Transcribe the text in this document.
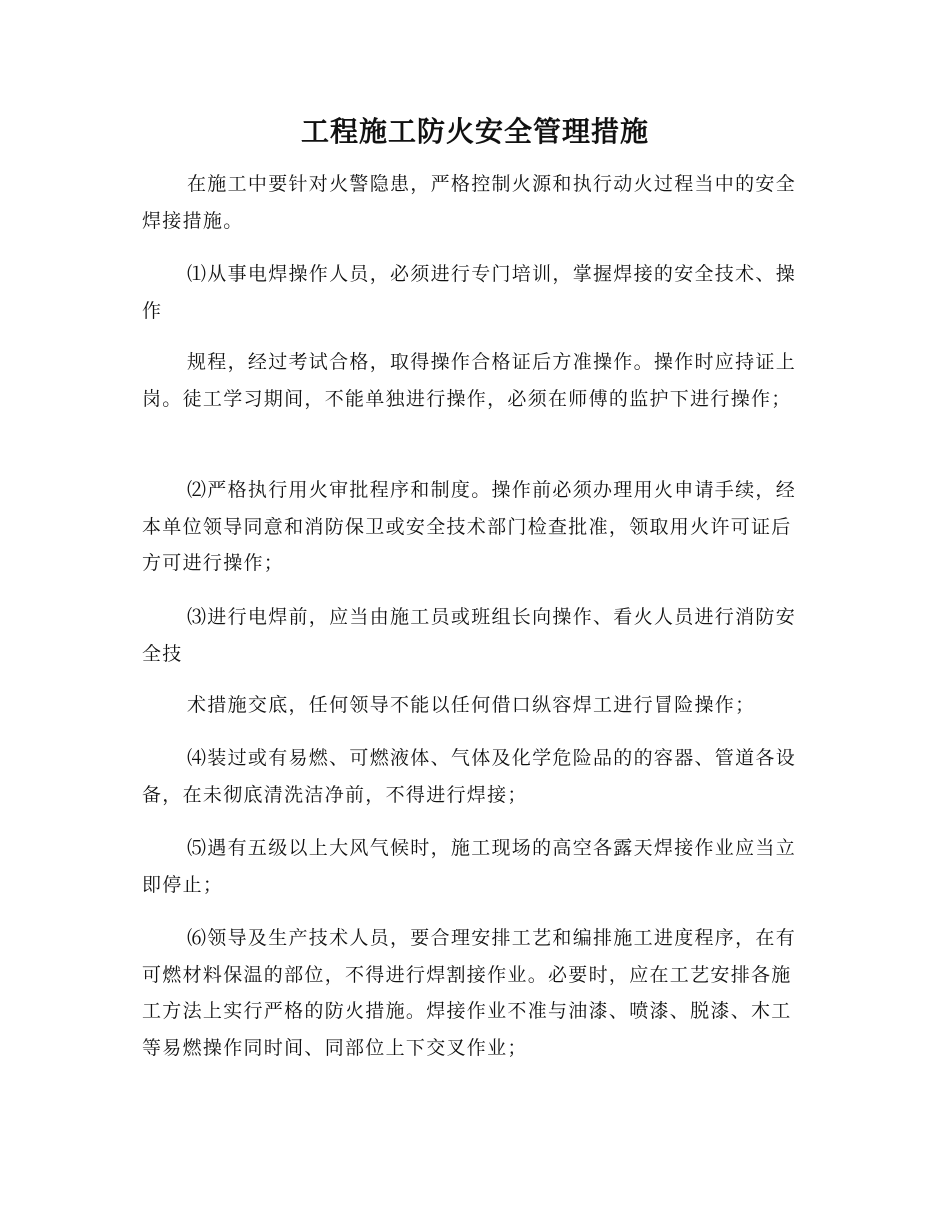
工程施工防火安全管理措施

在施工中要针对火警隐患，严格控制火源和执行动火过程当中的安全焊接措施。

⑴从事电焊操作人员，必须进行专门培训，掌握焊接的安全技术、操作

规程，经过考试合格，取得操作合格证后方准操作。操作时应持证上岗。徒工学习期间，不能单独进行操作，必须在师傅的监护下进行操作；

⑵严格执行用火审批程序和制度。操作前必须办理用火申请手续，经本单位领导同意和消防保卫或安全技术部门检查批准，领取用火许可证后方可进行操作；

⑶进行电焊前，应当由施工员或班组长向操作、看火人员进行消防安全技

术措施交底，任何领导不能以任何借口纵容焊工进行冒险操作；

⑷装过或有易燃、可燃液体、气体及化学危险品的的容器、管道各设备，在未彻底清洗洁净前，不得进行焊接；

⑸遇有五级以上大风气候时，施工现场的高空各露天焊接作业应当立即停止；

⑹领导及生产技术人员，要合理安排工艺和编排施工进度程序，在有可燃材料保温的部位，不得进行焊割接作业。必要时，应在工艺安排各施工方法上实行严格的防火措施。焊接作业不准与油漆、喷漆、脱漆、木工等易燃操作同时间、同部位上下交叉作业；
